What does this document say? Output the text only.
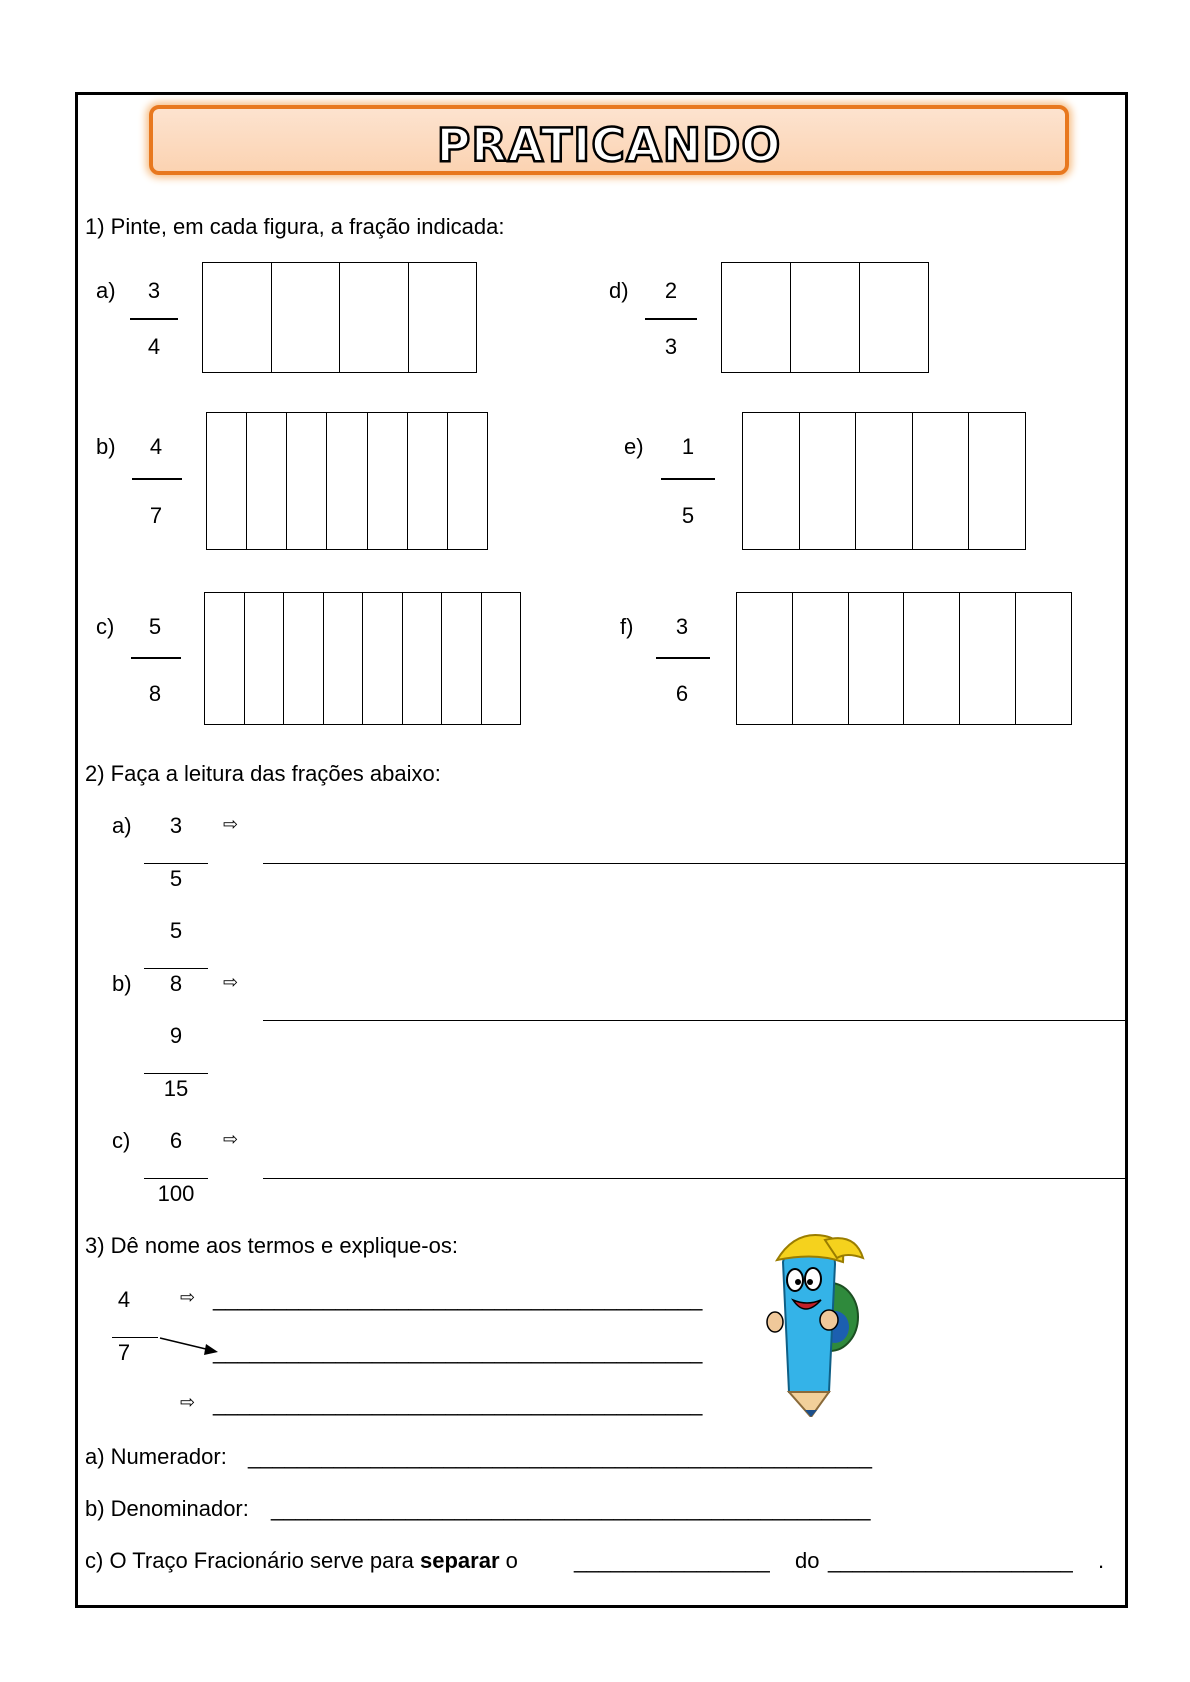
PRATICANDO
1) Pinte, em cada figura, a fração indicada:
a)	3
4
b)	4
7
c)	5
8
d)	2
3
e)	1
5
f)	3
6
2) Faça a leitura das frações abaixo:
a)	3	⇨
5
5
b)	8	⇨
9
15
c)	6	⇨
100
3) Dê nome aos termos e explique-os:
4	⇨ ________________________________________
7	________________________________________
⇨ ________________________________________
a) Numerador: ___________________________________________________
b) Denominador: _________________________________________________
c) O Traço Fracionário serve para separar o	________________ do ____________________ .
